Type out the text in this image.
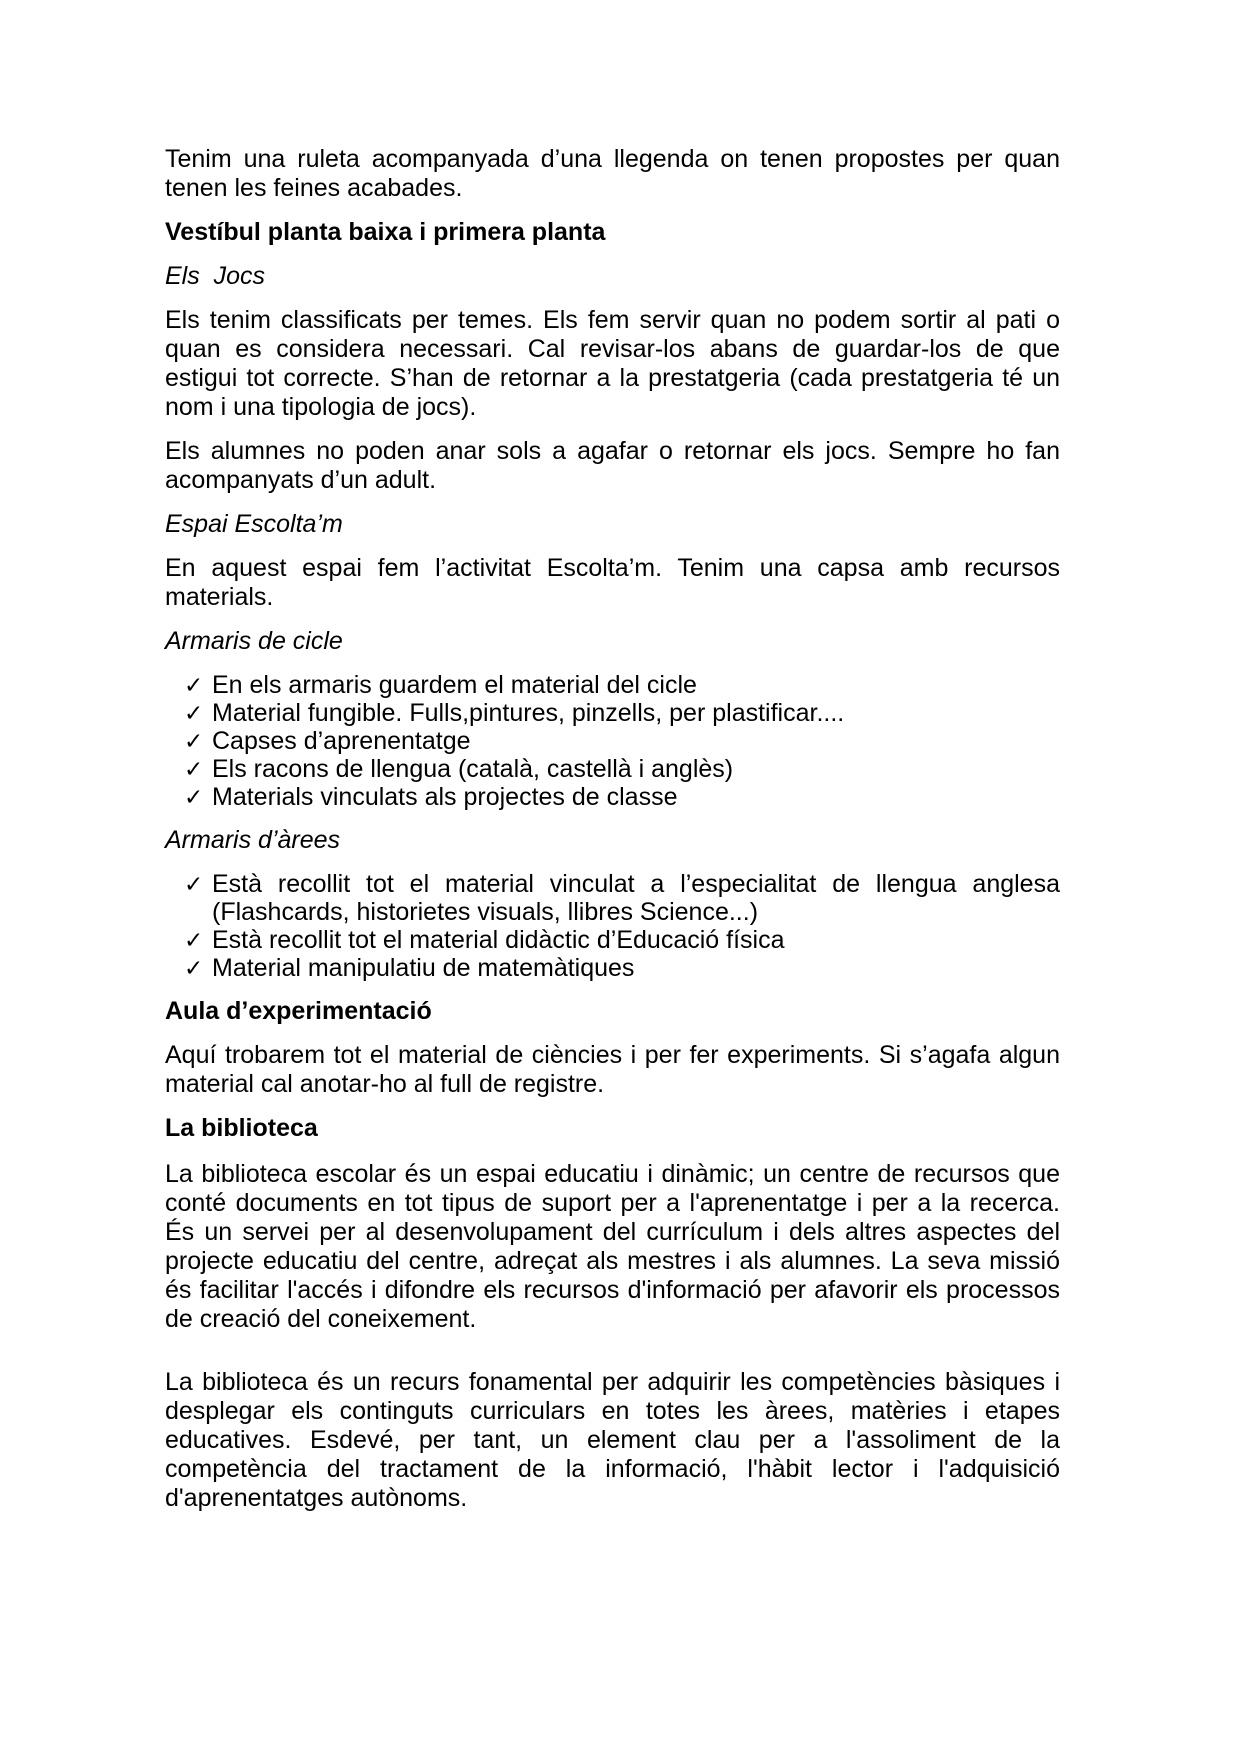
Tenim una ruleta acompanyada d’una llegenda on tenen propostes per quan tenen les feines acabades.

Vestíbul planta baixa i primera planta

Els  Jocs

Els tenim classificats per temes. Els fem servir quan no podem sortir al pati o quan es considera necessari. Cal revisar-los abans de guardar-los de que estigui tot correcte. S’han de retornar a la prestatgeria (cada prestatgeria té un nom i una tipologia de jocs).

Els alumnes no poden anar sols a agafar o retornar els jocs. Sempre ho fan acompanyats d’un adult.

Espai Escolta’m

En aquest espai fem l’activitat Escolta’m. Tenim una capsa amb recursos materials.

Armaris de cicle

✓ En els armaris guardem el material del cicle
✓ Material fungible. Fulls,pintures, pinzells, per plastificar....
✓ Capses d’aprenentatge
✓ Els racons de llengua (català, castellà i anglès)
✓ Materials vinculats als projectes de classe

Armaris d’àrees

✓ Està recollit tot el material vinculat a l’especialitat de llengua anglesa (Flashcards, historietes visuals, llibres Science...)
✓ Està recollit tot el material didàctic d’Educació física
✓ Material manipulatiu de matemàtiques
Aula d’experimentació

Aquí trobarem tot el material de ciències i per fer experiments. Si s’agafa algun material cal anotar-ho al full de registre.

La biblioteca

La biblioteca escolar és un espai educatiu i dinàmic; un centre de recursos que conté documents en tot tipus de suport per a l'aprenentatge i per a la recerca. És un servei per al desenvolupament del currículum i dels altres aspectes del projecte educatiu del centre, adreçat als mestres i als alumnes. La seva missió és facilitar l'accés i difondre els recursos d'informació per afavorir els processos de creació del coneixement.

La biblioteca és un recurs fonamental per adquirir les competències bàsiques i desplegar els continguts curriculars en totes les àrees, matèries i etapes educatives. Esdevé, per tant, un element clau per a l'assoliment de la competència del tractament de la informació, l'hàbit lector i l'adquisició d'aprenentatges autònoms.
